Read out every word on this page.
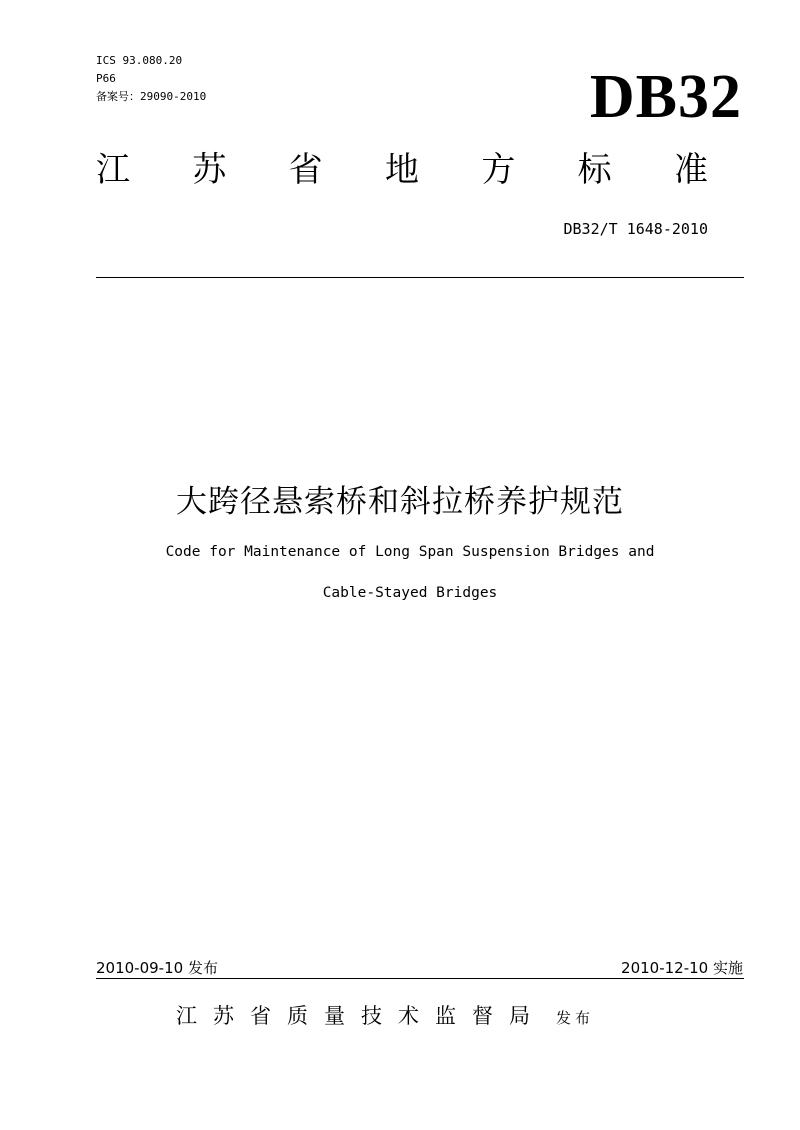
ICS 93.080.20
P66
备案号：29090-2010	DB32
江 苏 省 地 方 标 准
DB32/T 1648-2010
大跨径悬索桥和斜拉桥养护规范
Code for Maintenance of Long Span Suspension Bridges and
Cable-Stayed Bridges
2010-09-10 发布	2010-12-10 实施
江苏省质量技术监督局 发布
